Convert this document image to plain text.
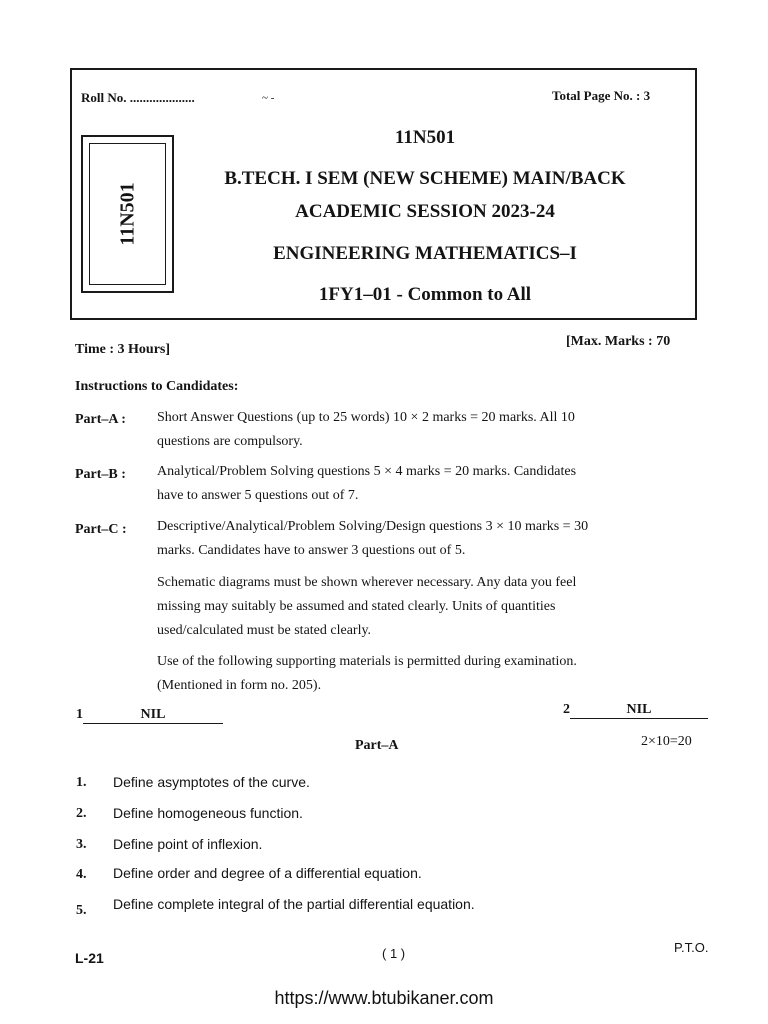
Roll No. ....................	~ -	Total Page No. : 3
11N501
11N501
B.TECH. I SEM (NEW SCHEME) MAIN/BACK
ACADEMIC SESSION 2023-24
ENGINEERING MATHEMATICS–I
1FY1–01 - Common to All
Time : 3 Hours]
[Max. Marks : 70
Instructions to Candidates:
Part–A : Short Answer Questions (up to 25 words) 10 × 2 marks = 20 marks. All 10
questions are compulsory.
Part–B : Analytical/Problem Solving questions 5 × 4 marks = 20 marks. Candidates
have to answer 5 questions out of 7.
Part–C : Descriptive/Analytical/Problem Solving/Design questions 3 × 10 marks = 30
marks. Candidates have to answer 3 questions out of 5.
Schematic diagrams must be shown wherever necessary. Any data you feel
missing may suitably be assumed and stated clearly. Units of quantities
used/calculated must be stated clearly.
Use of the following supporting materials is permitted during examination.
(Mentioned in form no. 205).
1	NIL	2	NIL
Part–A	2×10=20
1. Define asymptotes of the curve.
2. Define homogeneous function.
3. Define point of inflexion.
4. Define order and degree of a differential equation.
5. Define complete integral of the partial differential equation.
L-21	( 1 )	P.T.O.
https://www.btubikaner.com
